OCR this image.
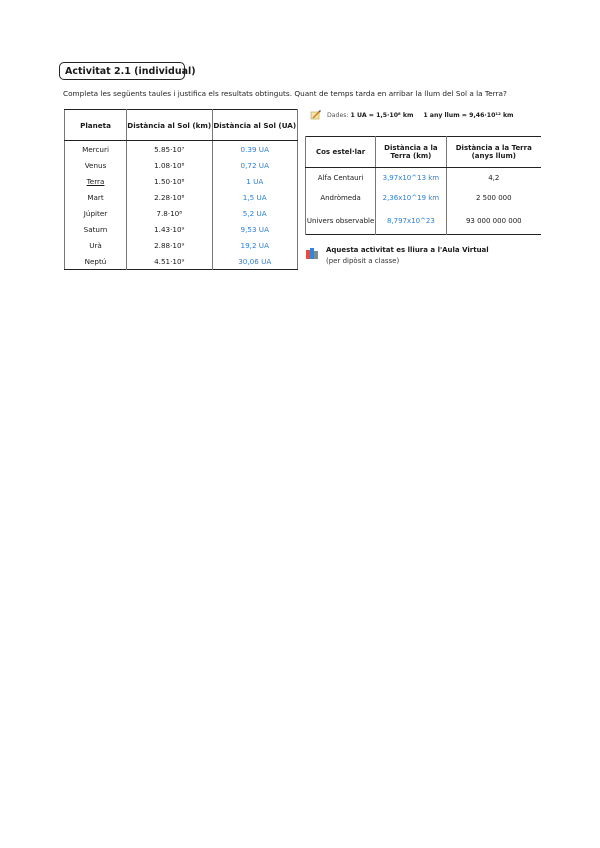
Activitat 2.1 (individual)
Completa les següents taules i justifica els resultats obtinguts. Quant de temps tarda en arribar la llum del Sol a la Terra?
Planeta	Distància al Sol (km)	Distància al Sol (UA)
Mercuri	5.85·10⁷	0.39 UA
Venus	1.08·10⁸	0,72 UA
Terra	1.50·10⁸	1 UA
Mart	2.28·10⁸	1,5 UA
Júpiter	7.8·10⁸	5,2 UA
Saturn	1.43·10⁹	9,53 UA
Urà	2.88·10⁹	19,2 UA
Neptú	4.51·10⁹	30,06 UA
Dades: 1 UA = 1,5·10⁸ km 1 any llum = 9,46·10¹² km
Cos estel·lar	Distància a la Terra (km)	Distància a la Terra (anys llum)
Alfa Centauri	3,97x10^13 km	4,2
Andròmeda	2,36x10^19 km	2 500 000
Univers observable	8,797x10^23	93 000 000 000
Aquesta activitat es lliura a l'Aula Virtual
(per dipòsit a classe)
